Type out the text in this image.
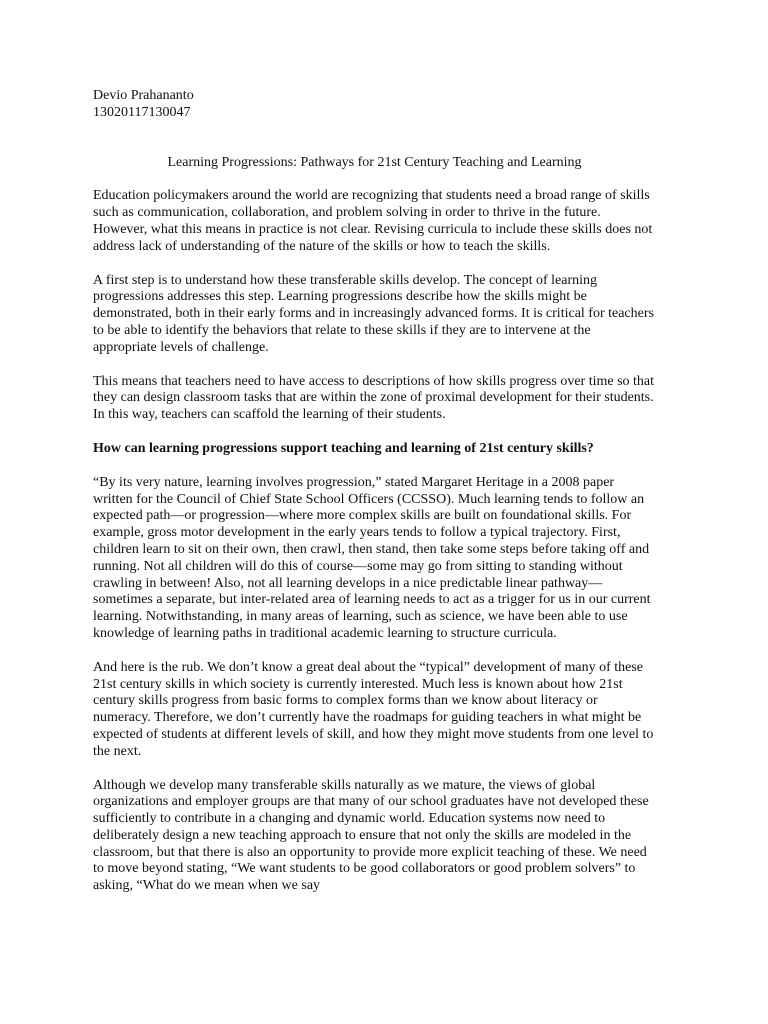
Devio Prahananto

13020117130047

Learning Progressions: Pathways for 21st Century Teaching and Learning

Education policymakers around the world are recognizing that students need a broad range of skills such as communication, collaboration, and problem solving in order to thrive in the future. However, what this means in practice is not clear. Revising curricula to include these skills does not address lack of understanding of the nature of the skills or how to teach the skills.

A first step is to understand how these transferable skills develop. The concept of learning progressions addresses this step. Learning progressions describe how the skills might be demonstrated, both in their early forms and in increasingly advanced forms. It is critical for teachers to be able to identify the behaviors that relate to these skills if they are to intervene at the appropriate levels of challenge.

This means that teachers need to have access to descriptions of how skills progress over time so that they can design classroom tasks that are within the zone of proximal development for their students. In this way, teachers can scaffold the learning of their students.

How can learning progressions support teaching and learning of 21st century skills?

“By its very nature, learning involves progression,” stated Margaret Heritage in a 2008 paper written for the Council of Chief State School Officers (CCSSO). Much learning tends to follow an expected path—or progression—where more complex skills are built on foundational skills. For example, gross motor development in the early years tends to follow a typical trajectory. First, children learn to sit on their own, then crawl, then stand, then take some steps before taking off and running. Not all children will do this of course—some may go from sitting to standing without crawling in between! Also, not all learning develops in a nice predictable linear pathway—sometimes a separate, but inter-related area of learning needs to act as a trigger for us in our current learning. Notwithstanding, in many areas of learning, such as science, we have been able to use knowledge of learning paths in traditional academic learning to structure curricula.

And here is the rub. We don’t know a great deal about the “typical” development of many of these 21st century skills in which society is currently interested. Much less is known about how 21st century skills progress from basic forms to complex forms than we know about literacy or numeracy. Therefore, we don’t currently have the roadmaps for guiding teachers in what might be expected of students at different levels of skill, and how they might move students from one level to the next.

Although we develop many transferable skills naturally as we mature, the views of global organizations and employer groups are that many of our school graduates have not developed these sufficiently to contribute in a changing and dynamic world. Education systems now need to deliberately design a new teaching approach to ensure that not only the skills are modeled in the classroom, but that there is also an opportunity to provide more explicit teaching of these. We need to move beyond stating, “We want students to be good collaborators or good problem solvers” to asking, “What do we mean when we say
